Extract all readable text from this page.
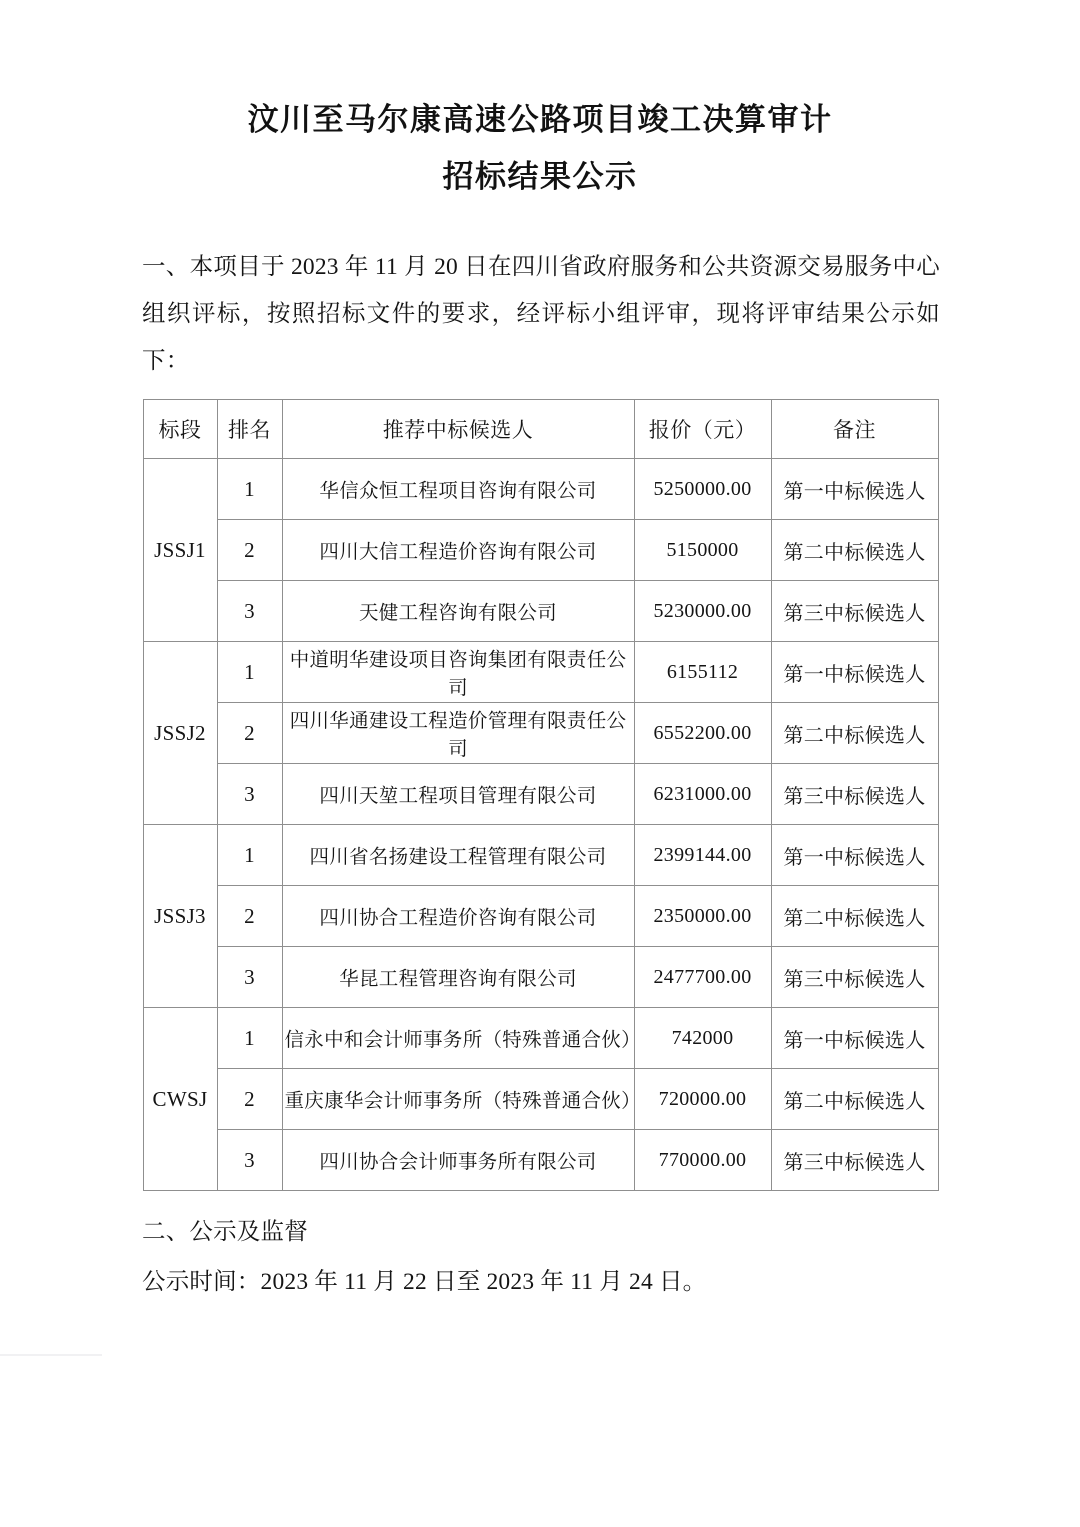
汶川至马尔康高速公路项目竣工决算审计
招标结果公示

一、本项目于 2023 年 11 月 20 日在四川省政府服务和公共资源交易服务中心组织评标，按照招标文件的要求，经评标小组评审，现将评审结果公示如下：

标段	排名	推荐中标候选人	报价（元）	备注
JSSJ1	1	华信众恒工程项目咨询有限公司	5250000.00	第一中标候选人
	2	四川大信工程造价咨询有限公司	5150000	第二中标候选人
	3	天健工程咨询有限公司	5230000.00	第三中标候选人
JSSJ2	1	中道明华建设项目咨询集团有限责任公司	6155112	第一中标候选人
	2	四川华通建设工程造价管理有限责任公司	6552200.00	第二中标候选人
	3	四川天堃工程项目管理有限公司	6231000.00	第三中标候选人
JSSJ3	1	四川省名扬建设工程管理有限公司	2399144.00	第一中标候选人
	2	四川协合工程造价咨询有限公司	2350000.00	第二中标候选人
	3	华昆工程管理咨询有限公司	2477700.00	第三中标候选人
CWSJ	1	信永中和会计师事务所（特殊普通合伙）	742000	第一中标候选人
	2	重庆康华会计师事务所（特殊普通合伙）	720000.00	第二中标候选人
	3	四川协合会计师事务所有限公司	770000.00	第三中标候选人
二、公示及监督
公示时间：2023 年 11 月 22 日至 2023 年 11 月 24 日。
